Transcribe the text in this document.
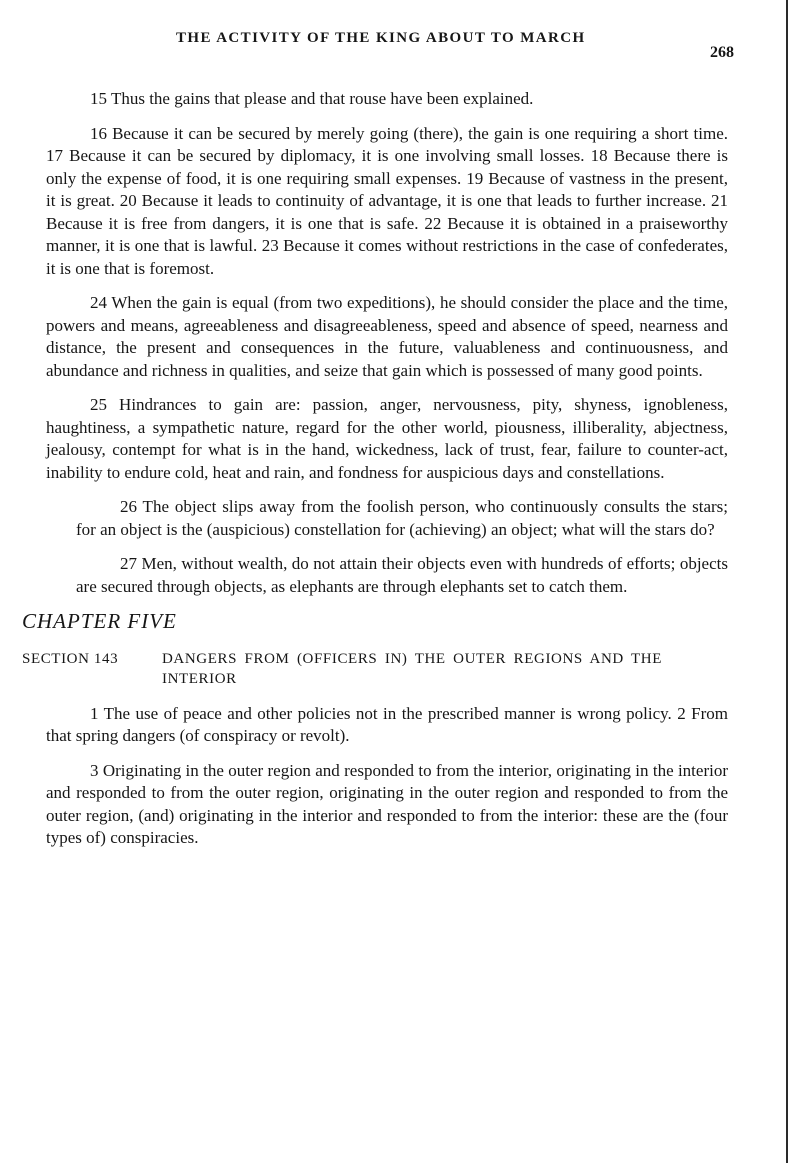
THE ACTIVITY OF THE KING ABOUT TO MARCH
268

15 Thus the gains that please and that rouse have been explained.

16 Because it can be secured by merely going (there), the gain is one requiring a short time. 17 Because it can be secured by diplomacy, it is one involving small losses. 18 Because there is only the expense of food, it is one requiring small expenses. 19 Because of vastness in the present, it is great. 20 Because it leads to continuity of advantage, it is one that leads to further increase. 21 Because it is free from dangers, it is one that is safe. 22 Because it is obtained in a praiseworthy manner, it is one that is lawful. 23 Because it comes without restrictions in the case of confederates, it is one that is foremost.

24 When the gain is equal (from two expeditions), he should consider the place and the time, powers and means, agreeableness and disagreeableness, speed and absence of speed, nearness and distance, the present and consequences in the future, valuableness and continuousness, and abundance and richness in qualities, and seize that gain which is possessed of many good points.

25 Hindrances to gain are: passion, anger, nervousness, pity, shyness, ignobleness, haughtiness, a sympathetic nature, regard for the other world, piousness, illiberality, abjectness, jealousy, contempt for what is in the hand, wickedness, lack of trust, fear, failure to counter-act, inability to endure cold, heat and rain, and fondness for auspicious days and constellations.

26 The object slips away from the foolish person, who continuously consults the stars; for an object is the (auspicious) constellation for (achieving) an object; what will the stars do?

27 Men, without wealth, do not attain their objects even with hundreds of efforts; objects are secured through objects, as elephants are through elephants set to catch them.

CHAPTER FIVE
SECTION 143	DANGERS FROM (OFFICERS IN) THE OUTER REGIONS AND THE INTERIOR

1 The use of peace and other policies not in the prescribed manner is wrong policy. 2 From that spring dangers (of conspiracy or revolt).

3 Originating in the outer region and responded to from the interior, originating in the interior and responded to from the outer region, originating in the outer region and responded to from the outer region, (and) originating in the interior and responded to from the interior: these are the (four types of) conspiracies.
